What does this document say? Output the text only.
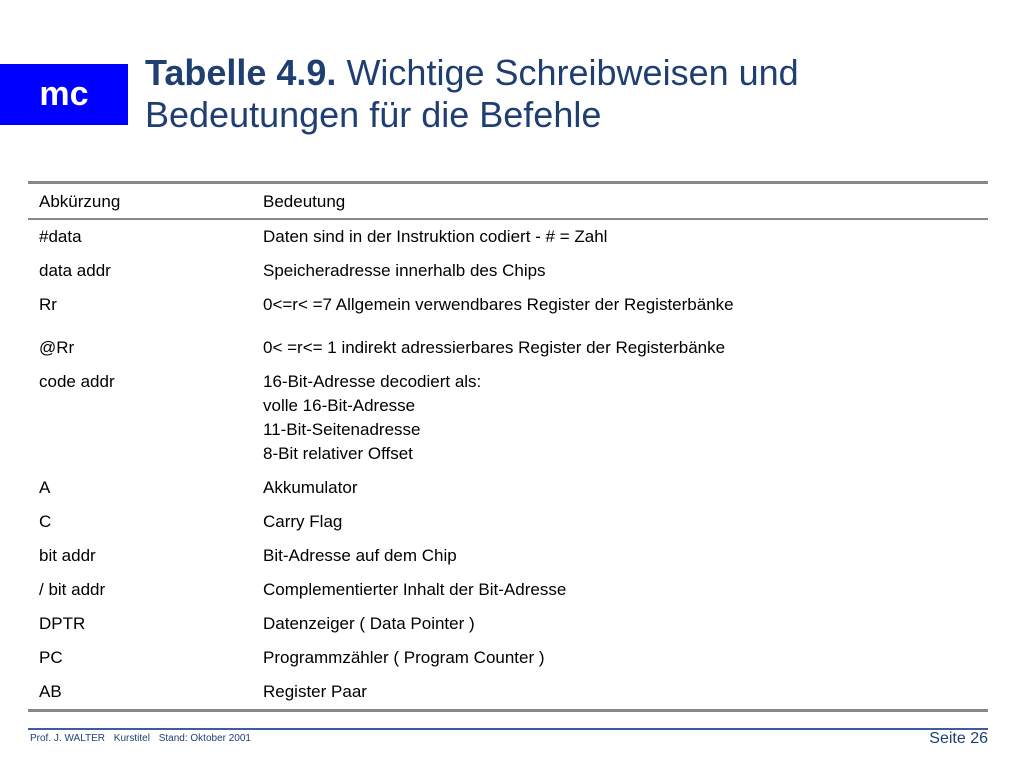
mc
Tabelle 4.9. Wichtige Schreibweisen und
Bedeutungen für die Befehle
Abkürzung	Bedeutung
#data	Daten sind in der Instruktion codiert - # = Zahl
data addr	Speicheradresse innerhalb des Chips
Rr	0<=r< =7 Allgemein verwendbares Register der Registerbänke
@Rr	0< =r<= 1 indirekt adressierbares Register der Registerbänke
code addr	16-Bit-Adresse decodiert als:
volle 16-Bit-Adresse
11-Bit-Seitenadresse
8-Bit relativer Offset
A	Akkumulator
C	Carry Flag
bit addr	Bit-Adresse auf dem Chip
/ bit addr	Complementierter Inhalt der Bit-Adresse
DPTR	Datenzeiger ( Data Pointer )
PC	Programmzähler ( Program Counter )
AB	Register Paar
Prof. J. WALTER Kurstitel Stand: Oktober 2001	Seite 26
